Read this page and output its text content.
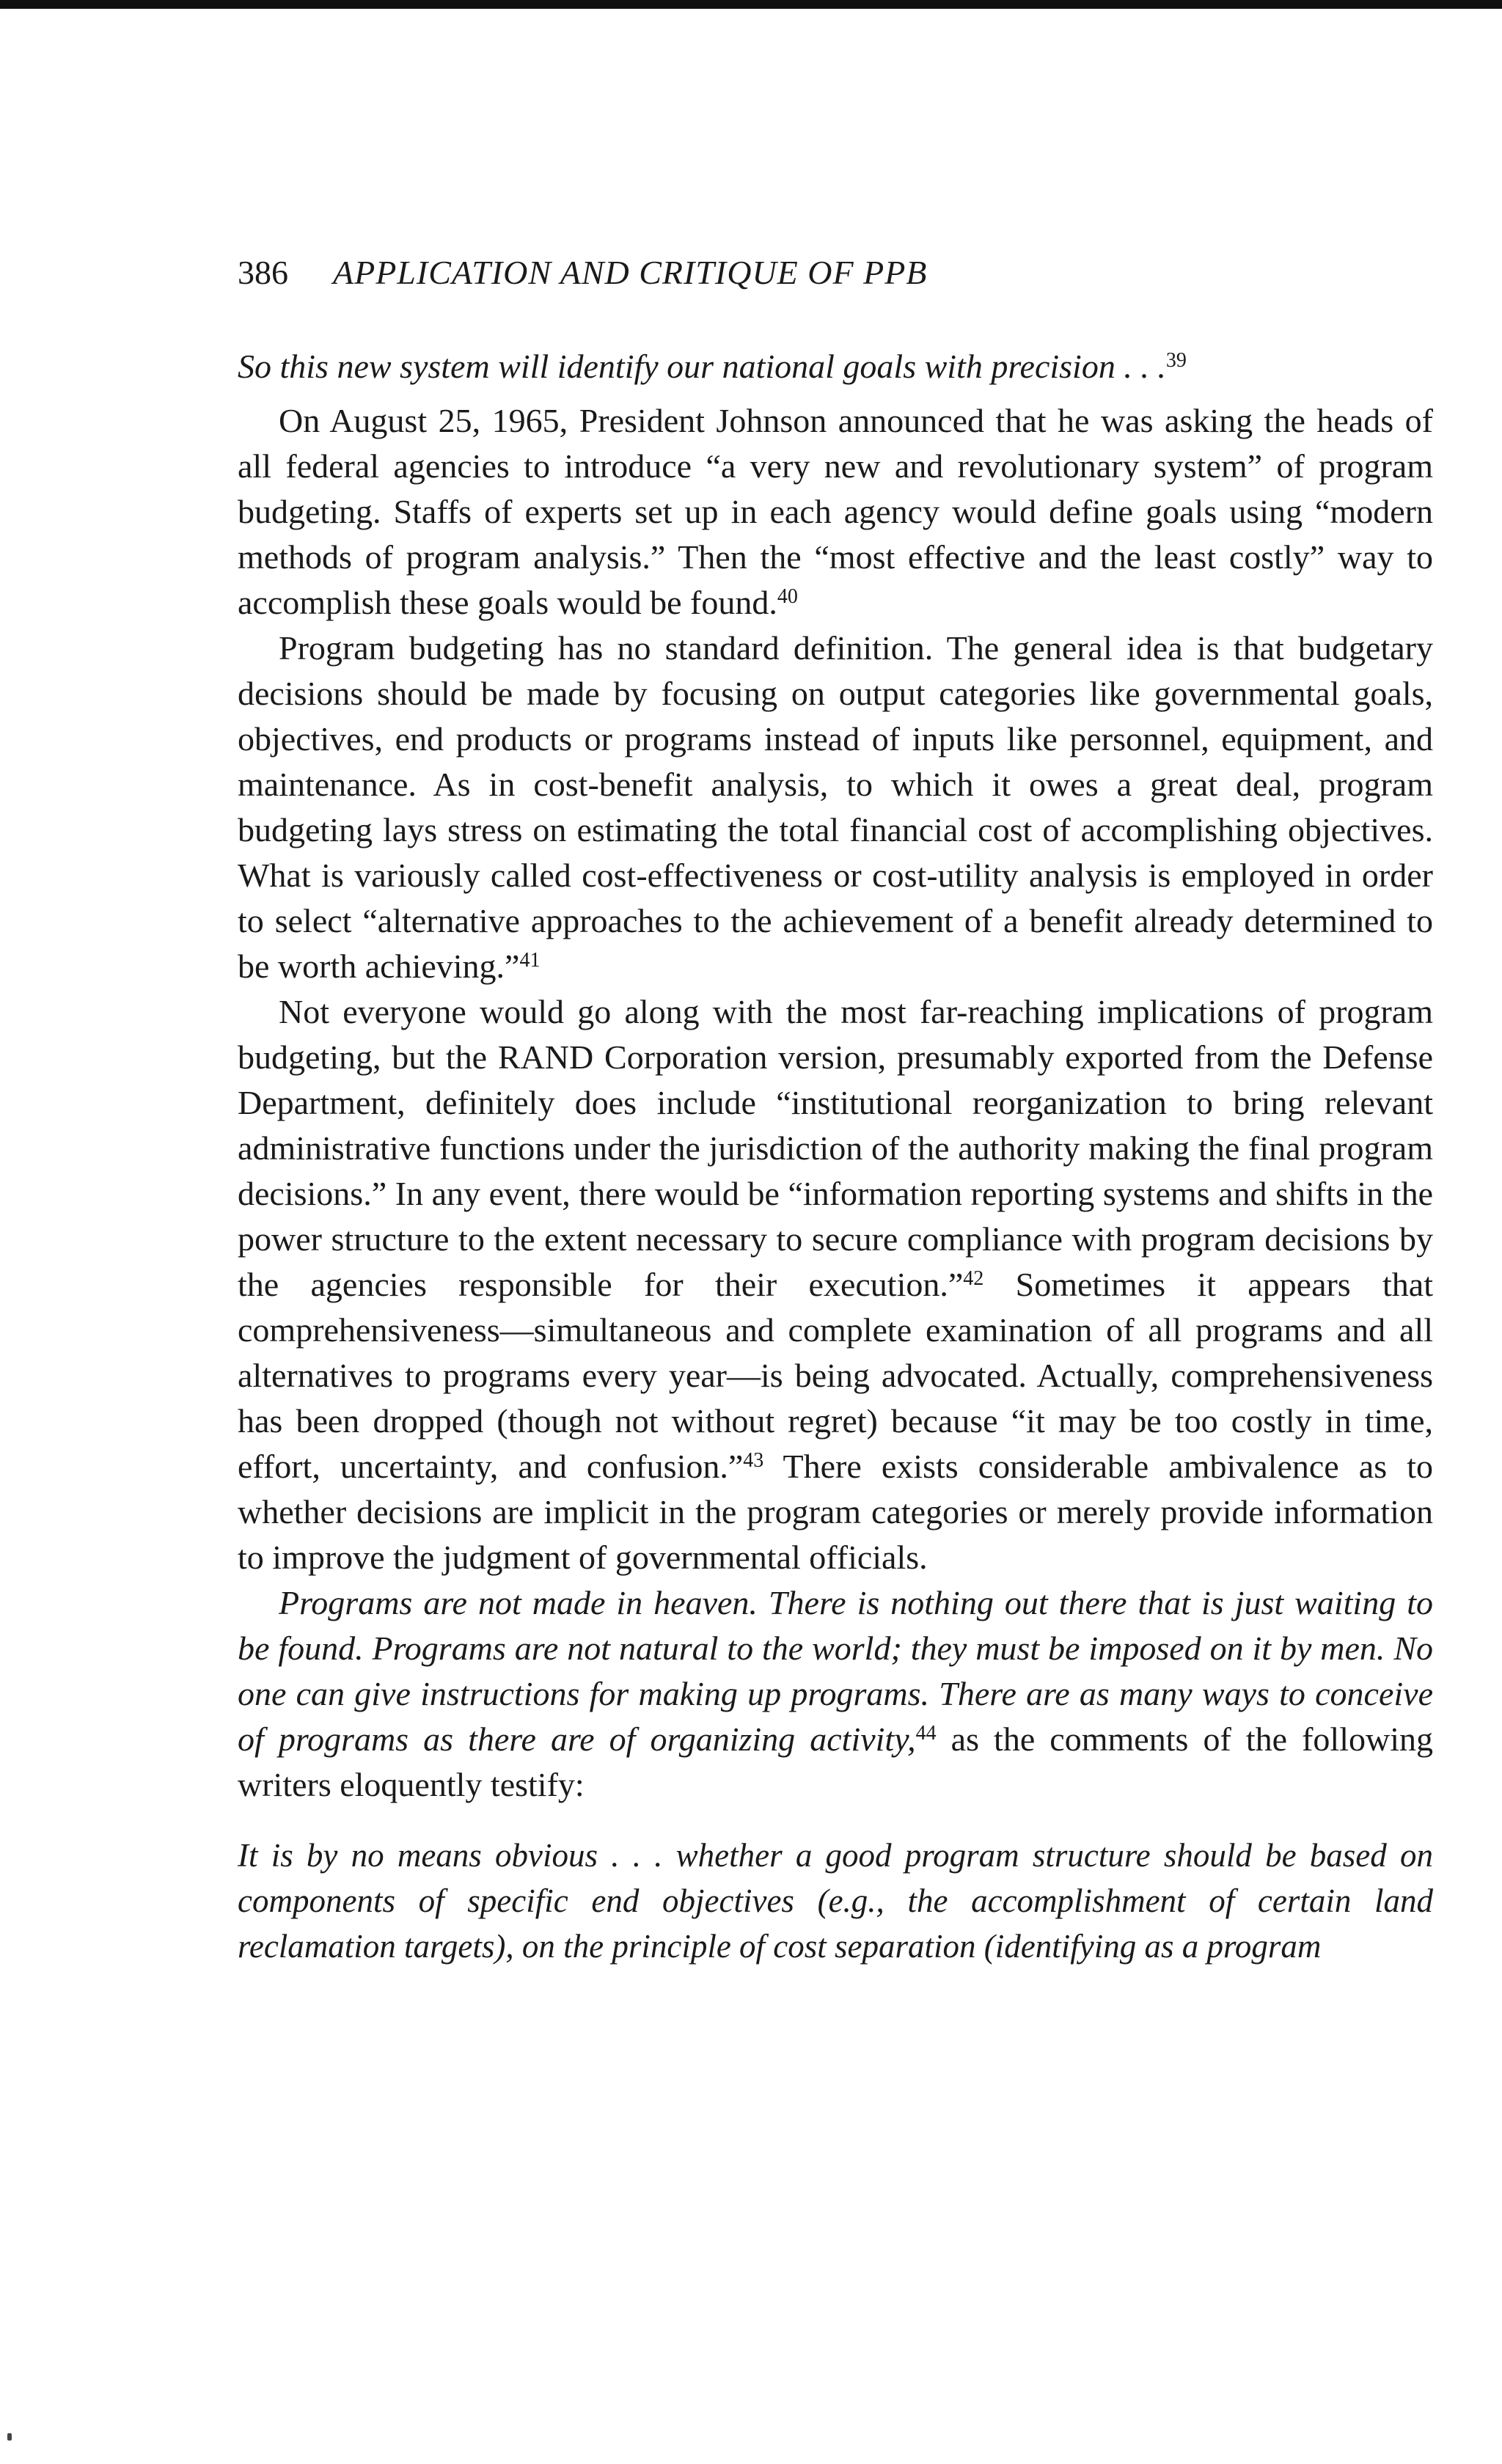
386	APPLICATION AND CRITIQUE OF PPB

So this new system will identify our national goals with precision . . .$^{39}$

On August 25, 1965, President Johnson announced that he was asking the heads of all federal agencies to introduce “a very new and revolutionary system” of program budgeting. Staffs of experts set up in each agency would define goals using “modern methods of program analysis.” Then the “most effective and the least costly” way to accomplish these goals would be found.$^{40}$

Program budgeting has no standard definition. The general idea is that budgetary decisions should be made by focusing on output categories like governmental goals, objectives, end products or programs instead of inputs like personnel, equipment, and maintenance. As in cost-benefit analysis, to which it owes a great deal, program budgeting lays stress on estimating the total financial cost of accomplishing objectives. What is variously called cost-effectiveness or cost-utility analysis is employed in order to select “alternative approaches to the achievement of a benefit already determined to be worth achieving.”$^{41}$

Not everyone would go along with the most far-reaching implications of program budgeting, but the RAND Corporation version, presumably exported from the Defense Department, definitely does include “institutional reorganization to bring relevant administrative functions under the jurisdiction of the authority making the final program decisions.” In any event, there would be “information reporting systems and shifts in the power structure to the extent necessary to secure compliance with program decisions by the agencies responsible for their execution.”$^{42}$ Sometimes it appears that comprehensiveness—simultaneous and complete examination of all programs and all alternatives to programs every year—is being advocated. Actually, comprehensiveness has been dropped (though not without regret) because “it may be too costly in time, effort, uncertainty, and confusion.”$^{43}$ There exists considerable ambivalence as to whether decisions are implicit in the program categories or merely provide information to improve the judgment of governmental officials.

Programs are not made in heaven. There is nothing out there that is just waiting to be found. Programs are not natural to the world; they must be imposed on it by men. No one can give instructions for making up programs. There are as many ways to conceive of programs as there are of organizing activity,$^{44}$ as the comments of the following writers eloquently testify:

It is by no means obvious . . . whether a good program structure should be based on components of specific end objectives (e.g., the accomplishment of certain land reclamation targets), on the principle of cost separation (identifying as a program
